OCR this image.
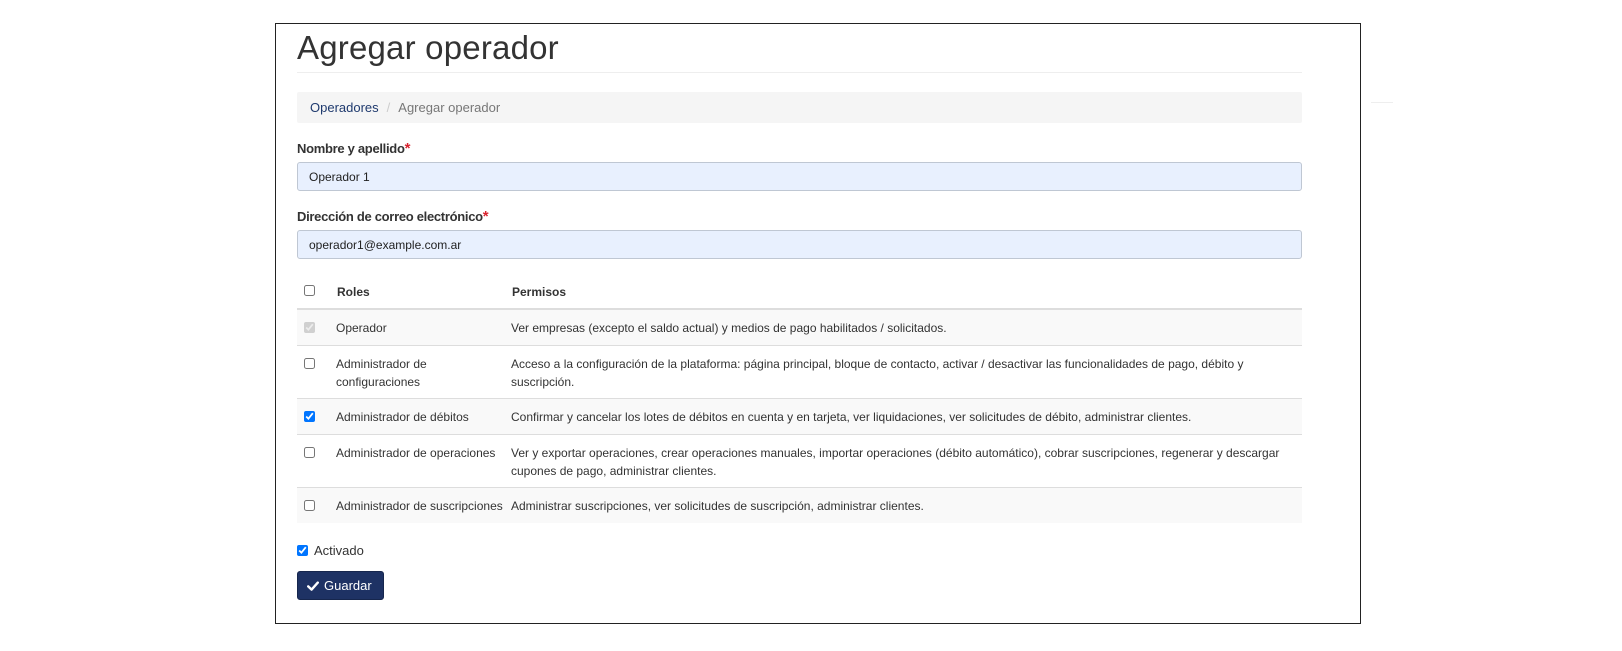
Agregar operador
Operadores / Agregar operador
Nombre y apellido*
Operador 1
Dirección de correo electrónico*
operador1@example.com.ar
	Roles	Permisos
	Operador	Ver empresas (excepto el saldo actual) y medios de pago habilitados / solicitados.
	Administrador de configuraciones	Acceso a la configuración de la plataforma: página principal, bloque de contacto, activar / desactivar las funcionalidades de pago, débito y suscripción.
	Administrador de débitos	Confirmar y cancelar los lotes de débitos en cuenta y en tarjeta, ver liquidaciones, ver solicitudes de débito, administrar clientes.
	Administrador de operaciones	Ver y exportar operaciones, crear operaciones manuales, importar operaciones (débito automático), cobrar suscripciones, regenerar y descargar cupones de pago, administrar clientes.
	Administrador de suscripciones	Administrar suscripciones, ver solicitudes de suscripción, administrar clientes.
Activado
Guardar
